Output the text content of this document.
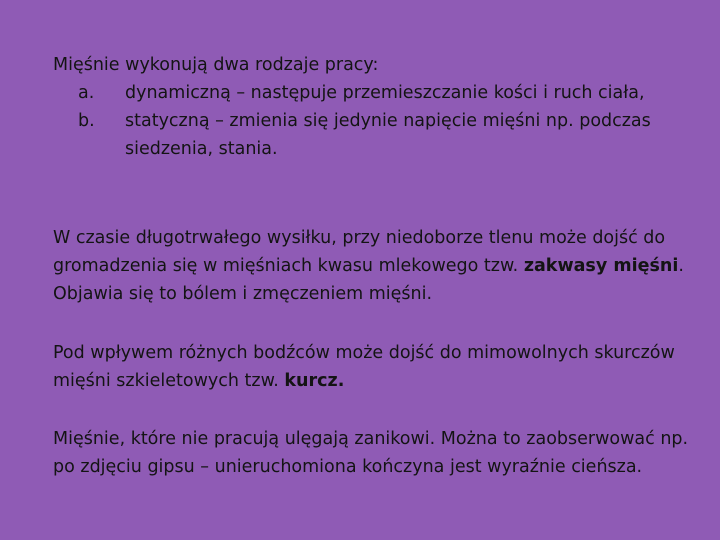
Mięśnie wykonują dwa rodzaje pracy:
a.	dynamiczną – następuje przemieszczanie kości i ruch ciała,
b.	statyczną – zmienia się jedynie napięcie mięśni np. podczas siedzenia, stania.

W czasie długotrwałego wysiłku, przy niedoborze tlenu może dojść do gromadzenia się w mięśniach kwasu mlekowego tzw. zakwasy mięśni. Objawia się to bólem i zmęczeniem mięśni.

Pod wpływem różnych bodźców może dojść do mimowolnych skurczów mięśni szkieletowych tzw. kurcz.

Mięśnie, które nie pracują ulęgają zanikowi. Można to zaobserwować np. po zdjęciu gipsu – unieruchomiona kończyna jest wyraźnie cieńsza.
